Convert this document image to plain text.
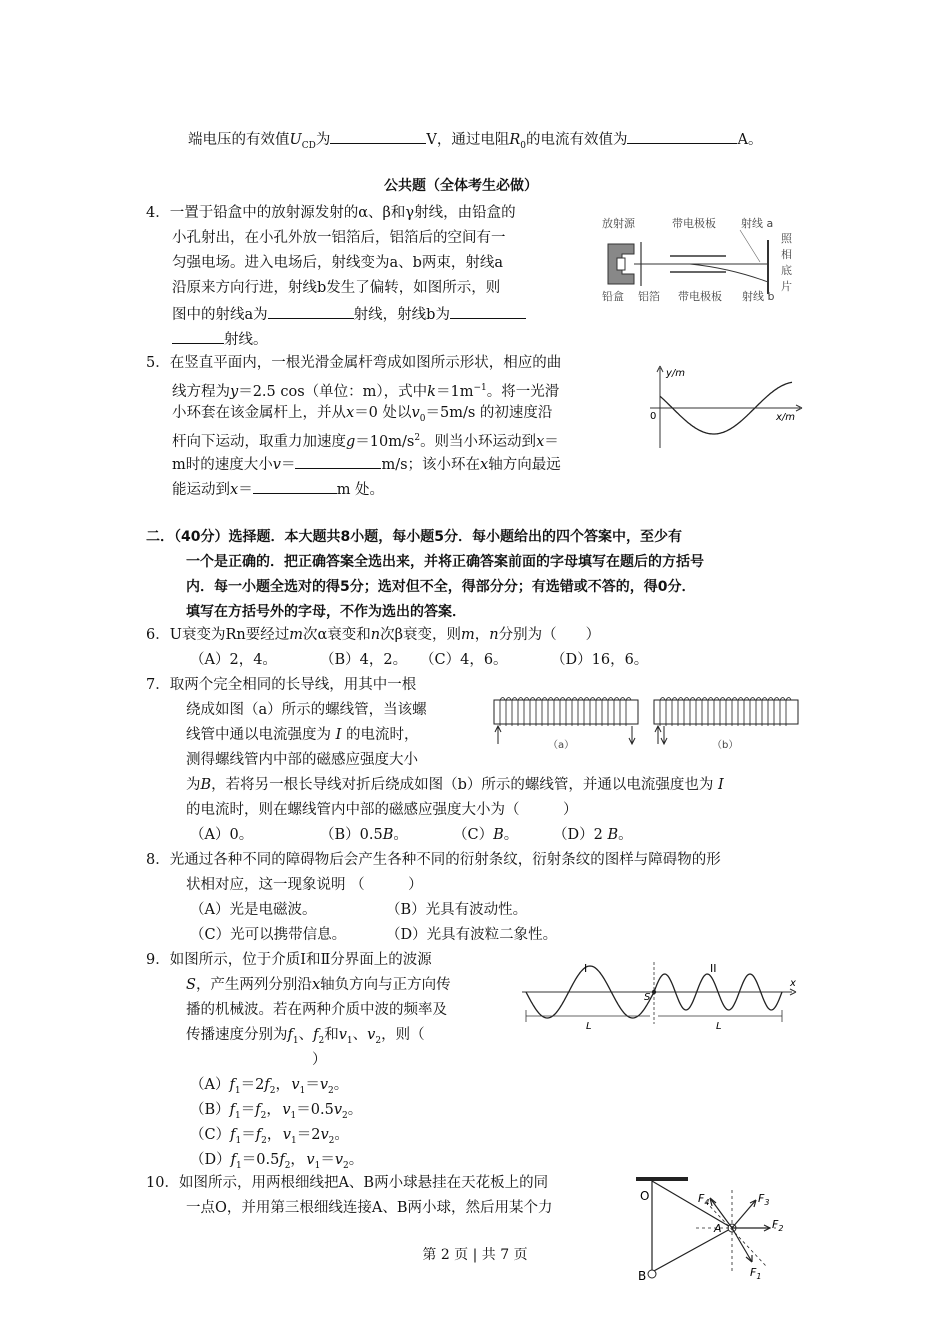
端电压的有效值$U_{CD}$为	V，通过电阻$R_0$的电流有效值为	A。
公共题（全体考生必做）
4．一置于铅盒中的放射源发射的α、β和γ射线，由铅盒的
小孔射出，在小孔外放一铝箔后，铝箔后的空间有一
匀强电场。进入电场后，射线变为a、b两束，射线a
沿原来方向行进，射线b发生了偏转，如图所示，则
图中的射线a为	射线，射线b为
射线。
放射源	带电极板 射线 a
照
相
底
片
铅盒 铝箔 带电极板 射线 b
5．在竖直平面内，一根光滑金属杆弯成如图所示形状，相应的曲
线方程为y＝2.5 cos（单位：m），式中$k=1m^{-1}$。将一光滑
小环套在该金属杆上，并从x＝0 处以$v_0=5m/s$ 的初速度沿
杆向下运动，取重力加速度$g=10m/s^2$。则当小环运动到x＝
m时的速度大小v＝	m/s；该小环在x轴方向最远
能运动到x＝	m 处。
y/m
x/m
0
二．（40分）选择题．本大题共8小题，每小题5分．每小题给出的四个答案中，至少有
一个是正确的．把正确答案全选出来，并将正确答案前面的字母填写在题后的方括号
内．每一小题全选对的得5分；选对但不全，得部分分；有选错或不答的，得0分．
填写在方括号外的字母，不作为选出的答案．
6．U衰变为Rn要经过m次α衰变和n次β衰变，则m，n分别为（　　）
（A）2，4。	（B）4，2。 （C）4，6。	（D）16，6。
7．取两个完全相同的长导线，用其中一根
绕成如图（a）所示的螺线管，当该螺
线管中通以电流强度为 I 的电流时，
测得螺线管内中部的磁感应强度大小
为B，若将另一根长导线对折后绕成如图（b）所示的螺线管，并通以电流强度也为 I
的电流时，则在螺线管内中部的磁感应强度大小为（　　　）
（A）0。	（B）0.5B。	（C）B。 （D）2 B。
（a）	（b）
8．光通过各种不同的障碍物后会产生各种不同的衍射条纹，衍射条纹的图样与障碍物的形
状相对应，这一现象说明 （　　　）
（A）光是电磁波。	（B）光具有波动性。
（C）光可以携带信息。	（D）光具有波粒二象性。
9．如图所示，位于介质Ⅰ和Ⅱ分界面上的波源
S，产生两列分别沿x轴负方向与正方向传
播的机械波。若在两种介质中波的频率及
传播速度分别为$f_1$、$f_2$和$v_1$、$v_2$，则（
）
$(A)f_1=2f_2$， $v_1=v_2$。
$(B)f_1=f_2$， $v_1=0.5v_2$。
$(C)f_1=f_2$， $v_1=2v_2$。
$(D)f_1=0.5f_2$， $v_1=v_2$。
I	II
S
x
L	L
10．如图所示，用两根细线把A、B两小球悬挂在天花板上的同
一点O，并用第三根细线连接A、B两小球，然后用某个力
O
B
A
$F_4$	$F_3$
$F_2$
$F_1$
第 2 页 | 共 7 页
